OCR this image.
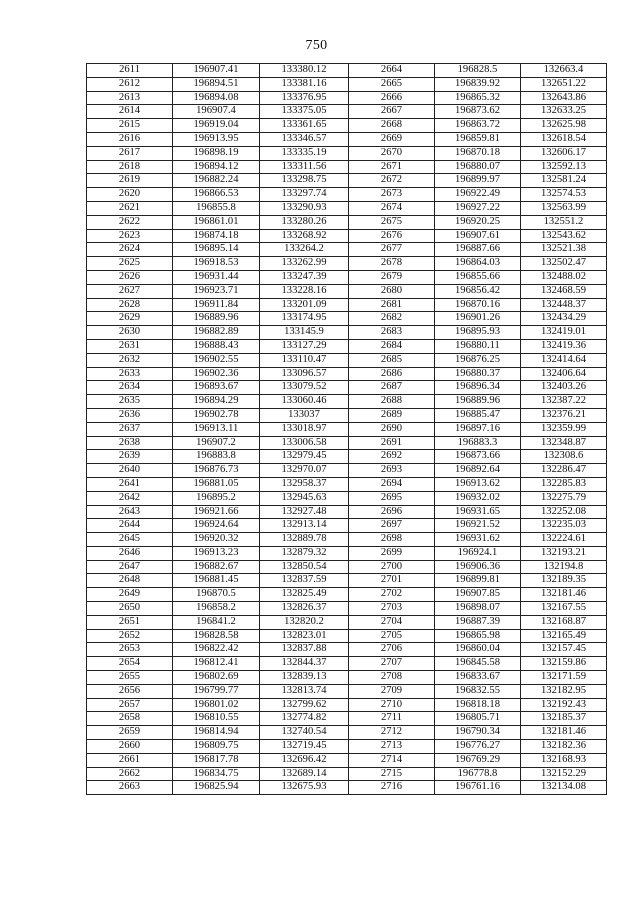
750
2611	196907.41	133380.12	2664	196828.5	132663.4
2612	196894.51	133381.16	2665	196839.92	132651.22
2613	196894.08	133376.95	2666	196865.32	132643.86
2614	196907.4	133375.05	2667	196873.62	132633.25
2615	196919.04	133361.65	2668	196863.72	132625.98
2616	196913.95	133346.57	2669	196859.81	132618.54
2617	196898.19	133335.19	2670	196870.18	132606.17
2618	196894.12	133311.56	2671	196880.07	132592.13
2619	196882.24	133298.75	2672	196899.97	132581.24
2620	196866.53	133297.74	2673	196922.49	132574.53
2621	196855.8	133290.93	2674	196927.22	132563.99
2622	196861.01	133280.26	2675	196920.25	132551.2
2623	196874.18	133268.92	2676	196907.61	132543.62
2624	196895.14	133264.2	2677	196887.66	132521.38
2625	196918.53	133262.99	2678	196864.03	132502.47
2626	196931.44	133247.39	2679	196855.66	132488.02
2627	196923.71	133228.16	2680	196856.42	132468.59
2628	196911.84	133201.09	2681	196870.16	132448.37
2629	196889.96	133174.95	2682	196901.26	132434.29
2630	196882.89	133145.9	2683	196895.93	132419.01
2631	196888.43	133127.29	2684	196880.11	132419.36
2632	196902.55	133110.47	2685	196876.25	132414.64
2633	196902.36	133096.57	2686	196880.37	132406.64
2634	196893.67	133079.52	2687	196896.34	132403.26
2635	196894.29	133060.46	2688	196889.96	132387.22
2636	196902.78	133037	2689	196885.47	132376.21
2637	196913.11	133018.97	2690	196897.16	132359.99
2638	196907.2	133006.58	2691	196883.3	132348.87
2639	196883.8	132979.45	2692	196873.66	132308.6
2640	196876.73	132970.07	2693	196892.64	132286.47
2641	196881.05	132958.37	2694	196913.62	132285.83
2642	196895.2	132945.63	2695	196932.02	132275.79
2643	196921.66	132927.48	2696	196931.65	132252.08
2644	196924.64	132913.14	2697	196921.52	132235.03
2645	196920.32	132889.78	2698	196931.62	132224.61
2646	196913.23	132879.32	2699	196924.1	132193.21
2647	196882.67	132850.54	2700	196906.36	132194.8
2648	196881.45	132837.59	2701	196899.81	132189.35
2649	196870.5	132825.49	2702	196907.85	132181.46
2650	196858.2	132826.37	2703	196898.07	132167.55
2651	196841.2	132820.2	2704	196887.39	132168.87
2652	196828.58	132823.01	2705	196865.98	132165.49
2653	196822.42	132837.88	2706	196860.04	132157.45
2654	196812.41	132844.37	2707	196845.58	132159.86
2655	196802.69	132839.13	2708	196833.67	132171.59
2656	196799.77	132813.74	2709	196832.55	132182.95
2657	196801.02	132799.62	2710	196818.18	132192.43
2658	196810.55	132774.82	2711	196805.71	132185.37
2659	196814.94	132740.54	2712	196790.34	132181.46
2660	196809.75	132719.45	2713	196776.27	132182.36
2661	196817.78	132696.42	2714	196769.29	132168.93
2662	196834.75	132689.14	2715	196778.8	132152.29
2663	196825.94	132675.93	2716	196761.16	132134.08
